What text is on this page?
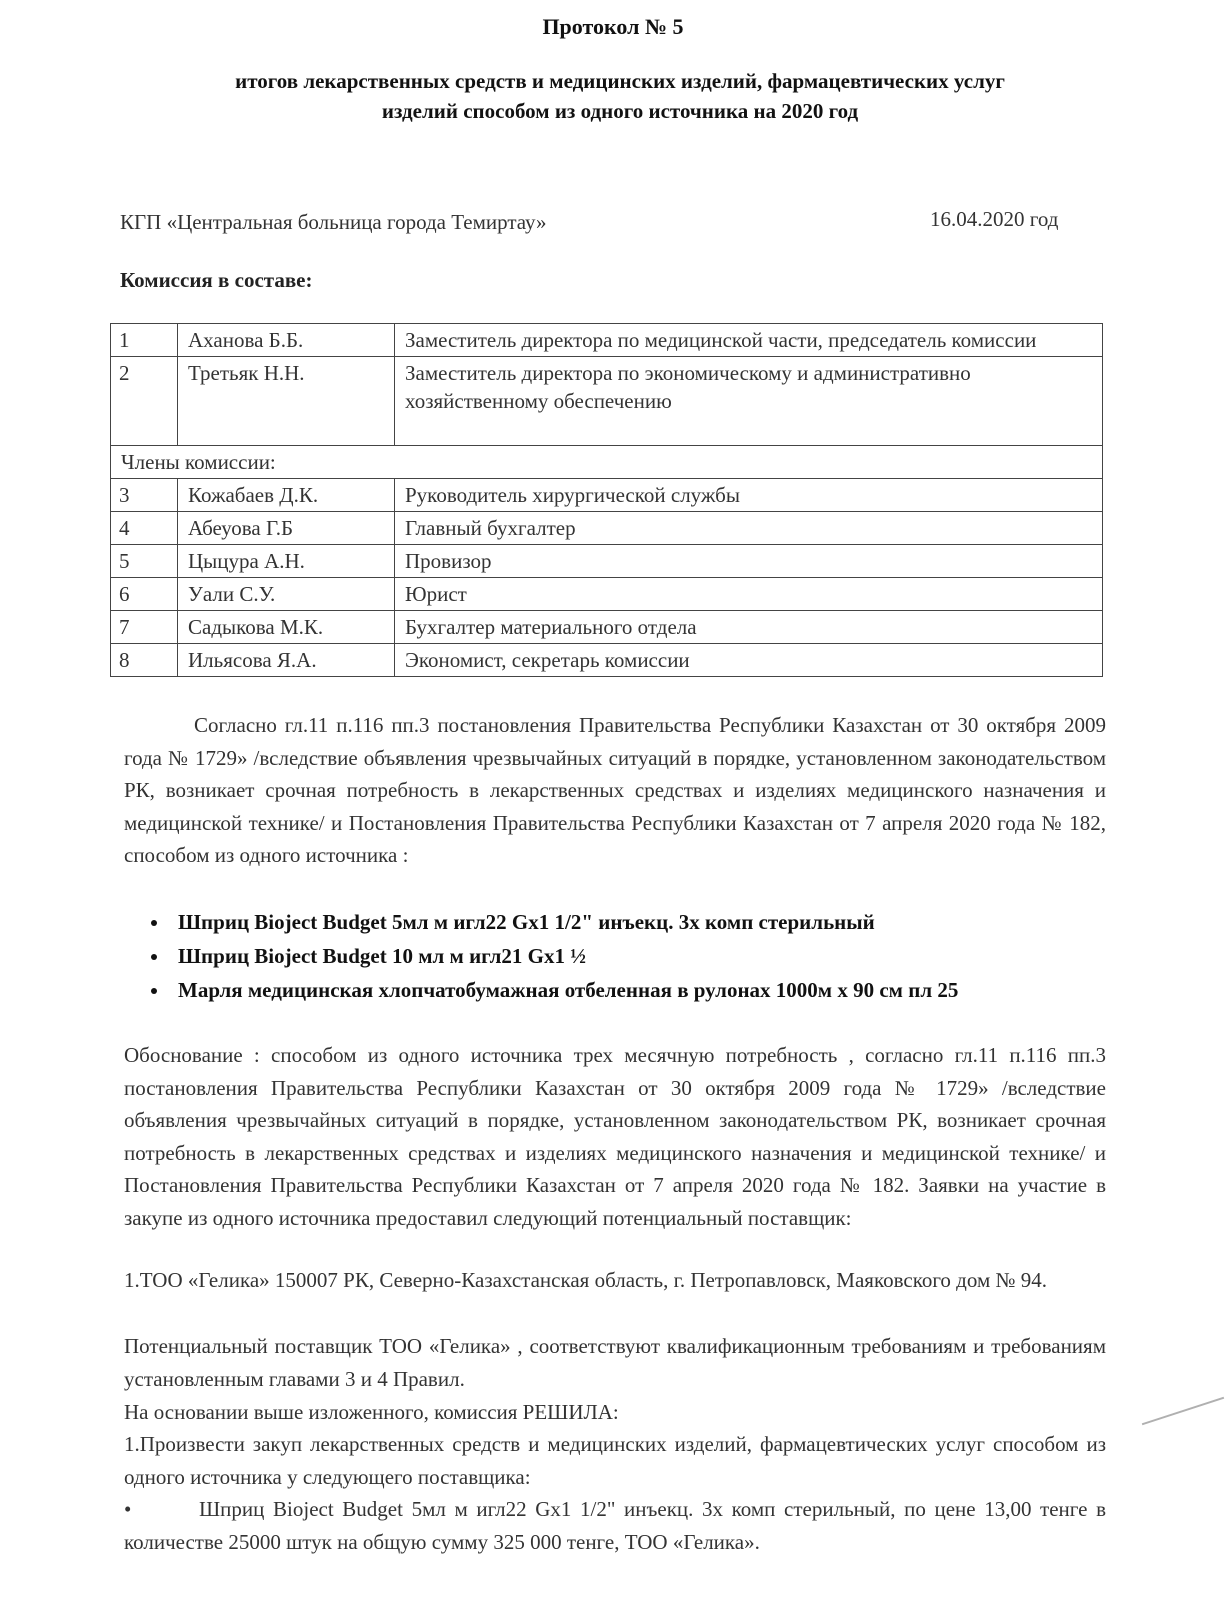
Протокол № 5
итогов лекарственных средств и медицинских изделий, фармацевтических услуг
изделий способом из одного источника на 2020 год
КГП «Центральная больница города Темиртау»	16.04.2020 год
Комиссия в составе:
1	Аханова Б.Б.	Заместитель директора по медицинской части, председатель комиссии
2	Третьяк Н.Н.	Заместитель директора по экономическому и административно хозяйственному обеспечению
Члены комиссии:		
3	Кожабаев Д.К.	Руководитель хирургической службы
4	Абеуова Г.Б	Главный бухгалтер
5	Цыцура А.Н.	Провизор
6	Уали С.У.	Юрист
7	Садыкова М.К.	Бухгалтер материального отдела
8	Ильясова Я.А.	Экономист, секретарь комиссии
Согласно гл.11 п.116 пп.3 постановления Правительства Республики Казахстан от 30 октября 2009 года № 1729» /вследствие объявления чрезвычайных ситуаций в порядке, установленном законодательством РК, возникает срочная потребность в лекарственных средствах и изделиях медицинского назначения и медицинской технике/ и Постановления Правительства Республики Казахстан от 7 апреля 2020 года № 182, способом из одного источника :
• Шприц Bioject Budget 5мл м игл22 Gx1 1/2" инъекц. 3х комп стерильный
• Шприц Bioject Budget 10 мл м игл21 Gx1 ½
• Марля медицинская хлопчатобумажная отбеленная в рулонах 1000м х 90 см пл 25
Обоснование : способом из одного источника трех месячную потребность , согласно гл.11 п.116 пп.3 постановления Правительства Республики Казахстан от 30 октября 2009 года № 1729» /вследствие объявления чрезвычайных ситуаций в порядке, установленном законодательством РК, возникает срочная потребность в лекарственных средствах и изделиях медицинского назначения и медицинской технике/ и Постановления Правительства Республики Казахстан от 7 апреля 2020 года № 182. Заявки на участие в закупе из одного источника предоставил следующий потенциальный поставщик:
1.ТОО «Гелика» 150007 РК, Северно-Казахстанская область, г. Петропавловск, Маяковского дом № 94.
Потенциальный поставщик ТОО «Гелика» , соответствуют квалификационным требованиям и требованиям установленным главами 3 и 4 Правил.
На основании выше изложенного, комиссия РЕШИЛА:
1.Произвести закуп лекарственных средств и медицинских изделий, фармацевтических услуг способом из одного источника у следующего поставщика:
•	Шприц Bioject Budget 5мл м игл22 Gx1 1/2" инъекц. 3х комп стерильный, по цене 13,00 тенге в количестве 25000 штук на общую сумму 325 000 тенге, ТОО «Гелика».
